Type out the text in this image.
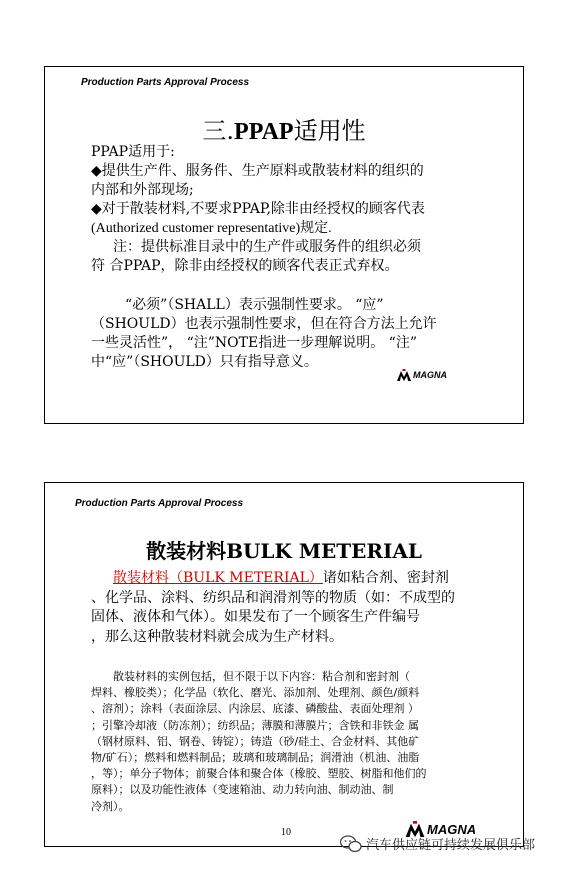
Production Parts Approval Process
三.PPAP适用性

PPAP适用于:

◆提供生产件、服务件、生产原料或散装材料的组织的

内部和外部现场;

◆对于散装材料,不要求PPAP,除非由经授权的顾客代表

(Authorized customer representative)规定.

注：提供标准目录中的生产件或服务件的组织必须

符 合PPAP，除非由经授权的顾客代表正式弃权。

“必须”（SHALL）表示强制性要求。 “应”

（SHOULD）也表示强制性要求，但在符合方法上允许

一些灵活性”， “注”NOTE指进一步理解说明。 “注”

中“应”（SHOULD）只有指导意义。

MAGNA
Production Parts Approval Process
散装材料BULK METERIAL

散装材料（BULK METERIAL）诸如粘合剂、密封剂

、化学品、涂料、纺织品和润滑剂等的物质（如：不成型的

固体、液体和气体）。如果发布了一个顾客生产件编号

，那么这种散装材料就会成为生产材料。

散装材料的实例包括，但不限于以下内容：粘合剂和密封剂（

焊料、橡胶类）；化学品（软化、磨光、添加剂、处理剂、颜色/颜料

、溶剂）；涂料（表面涂层、内涂层、底漆、磷酸盐、表面处理剂 ）

；引擎冷却液（防冻剂）；纺织品；薄膜和薄膜片；含铁和非铁金 属

（钢材原料、铝、钢卷、铸锭）；铸造（砂/硅土、合金材料、其他矿

物/矿石）；燃料和燃料制品；玻璃和玻璃制品；润滑油（机油、油脂

，等）；单分子物体；前聚合体和聚合体（橡胶、塑胶、树脂和他们的

原料）；以及功能性液体（变速箱油、动力转向油、制动油、制

冷剂）。

10	MAGNA
汽车供应链可持续发展俱乐部
